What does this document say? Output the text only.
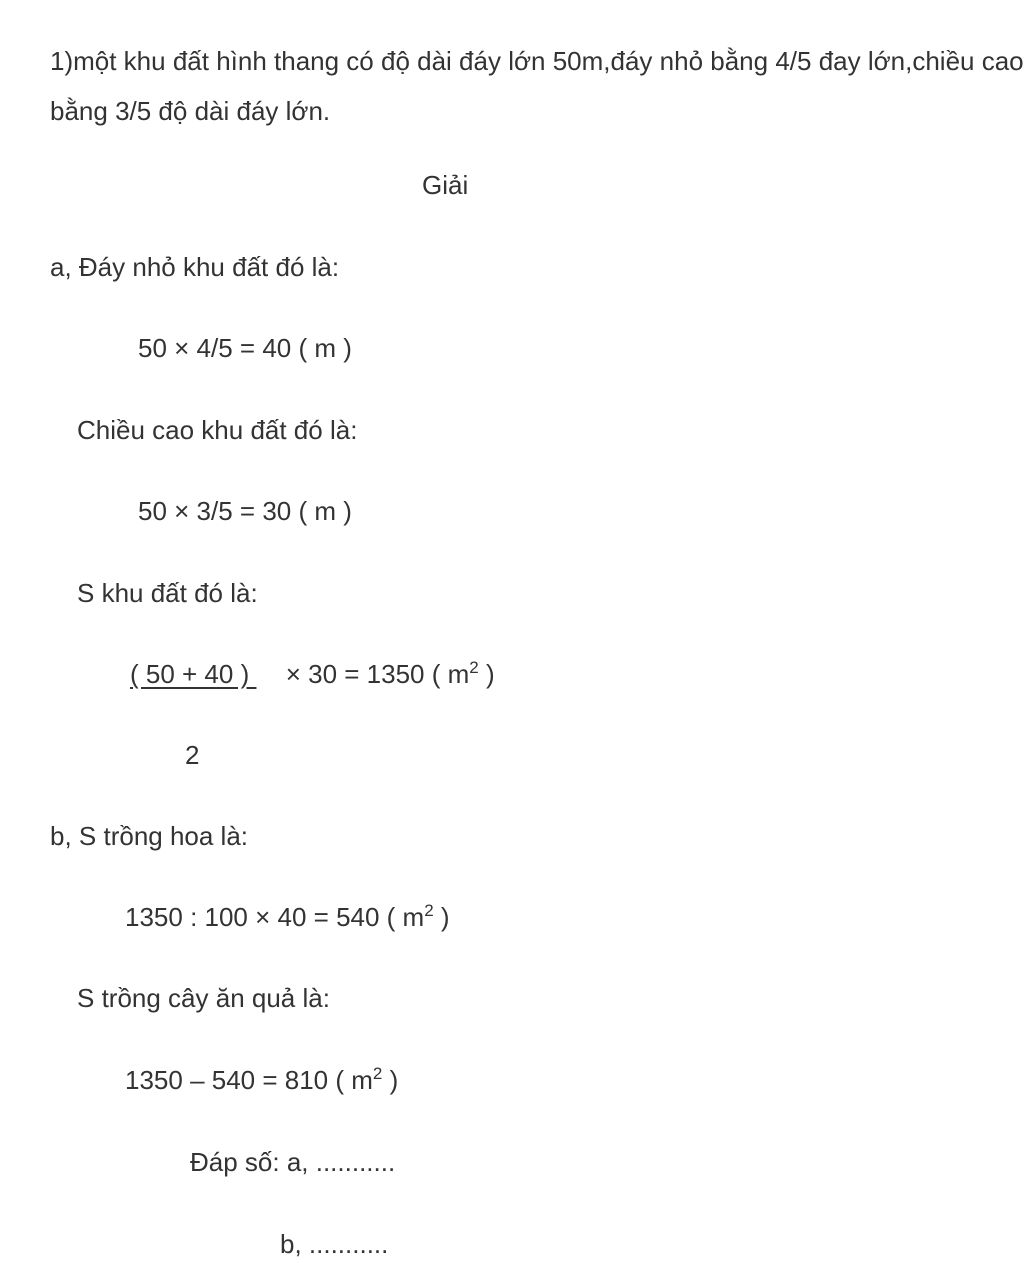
1)một khu đất hình thang có độ dài đáy lớn 50m,đáy nhỏ bằng 4/5 đay lớn,chiều cao bằng 3/5 độ dài đáy lớn.
Giải
a, Đáy nhỏ khu đất đó là:
50 × 4/5 = 40 ( m )
Chiều cao khu đất đó là:
50 × 3/5 = 30 ( m )
S khu đất đó là:
( 50 + 40 )  × 30 = 1350 ( $m^2$ )
2
b, S trồng hoa là:
1350 : 100 × 40 = 540 ( $m^2$ )
S trồng cây ăn quả là:
1350 – 540 = 810 ( $m^2$ )
Đáp số: a, ...........
b, ...........
